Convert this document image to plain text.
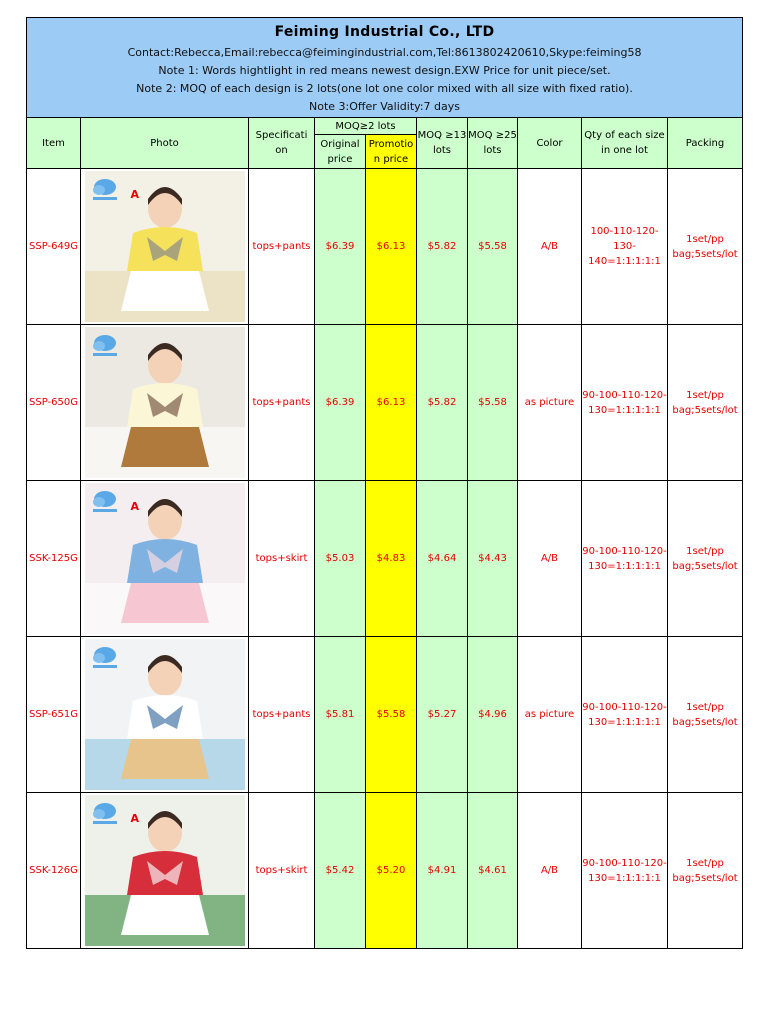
Feiming Industrial Co., LTD
Contact:Rebecca,Email:rebecca@feimingindustrial.com,Tel:8613802420610,Skype:feiming58
Note 1: Words hightlight in red means newest design.EXW Price for unit piece/set.
Note 2: MOQ of each design is 2 lots(one lot one color mixed with all size with fixed ratio).
Note 3:Offer Validity:7 days									

Item	Photo	Specificati on	MOQ≥2 lots		MOQ ≥13 lots	MOQ ≥25 lots	Color	Qty of each size in one lot	Packing
			Original price	Promotio n price					
SSP-649G	A	tops+pants	$6.39	$6.13	$5.82	$5.58	A/B	100-110-120-130-140=1:1:1:1:1	1set/pp bag;5sets/lot
SSP-650G		tops+pants	$6.39	$6.13	$5.82	$5.58	as picture	90-100-110-120-130=1:1:1:1:1	1set/pp bag;5sets/lot
SSK-125G	A	tops+skirt	$5.03	$4.83	$4.64	$4.43	A/B	90-100-110-120-130=1:1:1:1:1	1set/pp bag;5sets/lot
SSP-651G		tops+pants	$5.81	$5.58	$5.27	$4.96	as picture	90-100-110-120-130=1:1:1:1:1	1set/pp bag;5sets/lot
SSK-126G	A	tops+skirt	$5.42	$5.20	$4.91	$4.61	A/B	90-100-110-120-130=1:1:1:1:1	1set/pp bag;5sets/lot
